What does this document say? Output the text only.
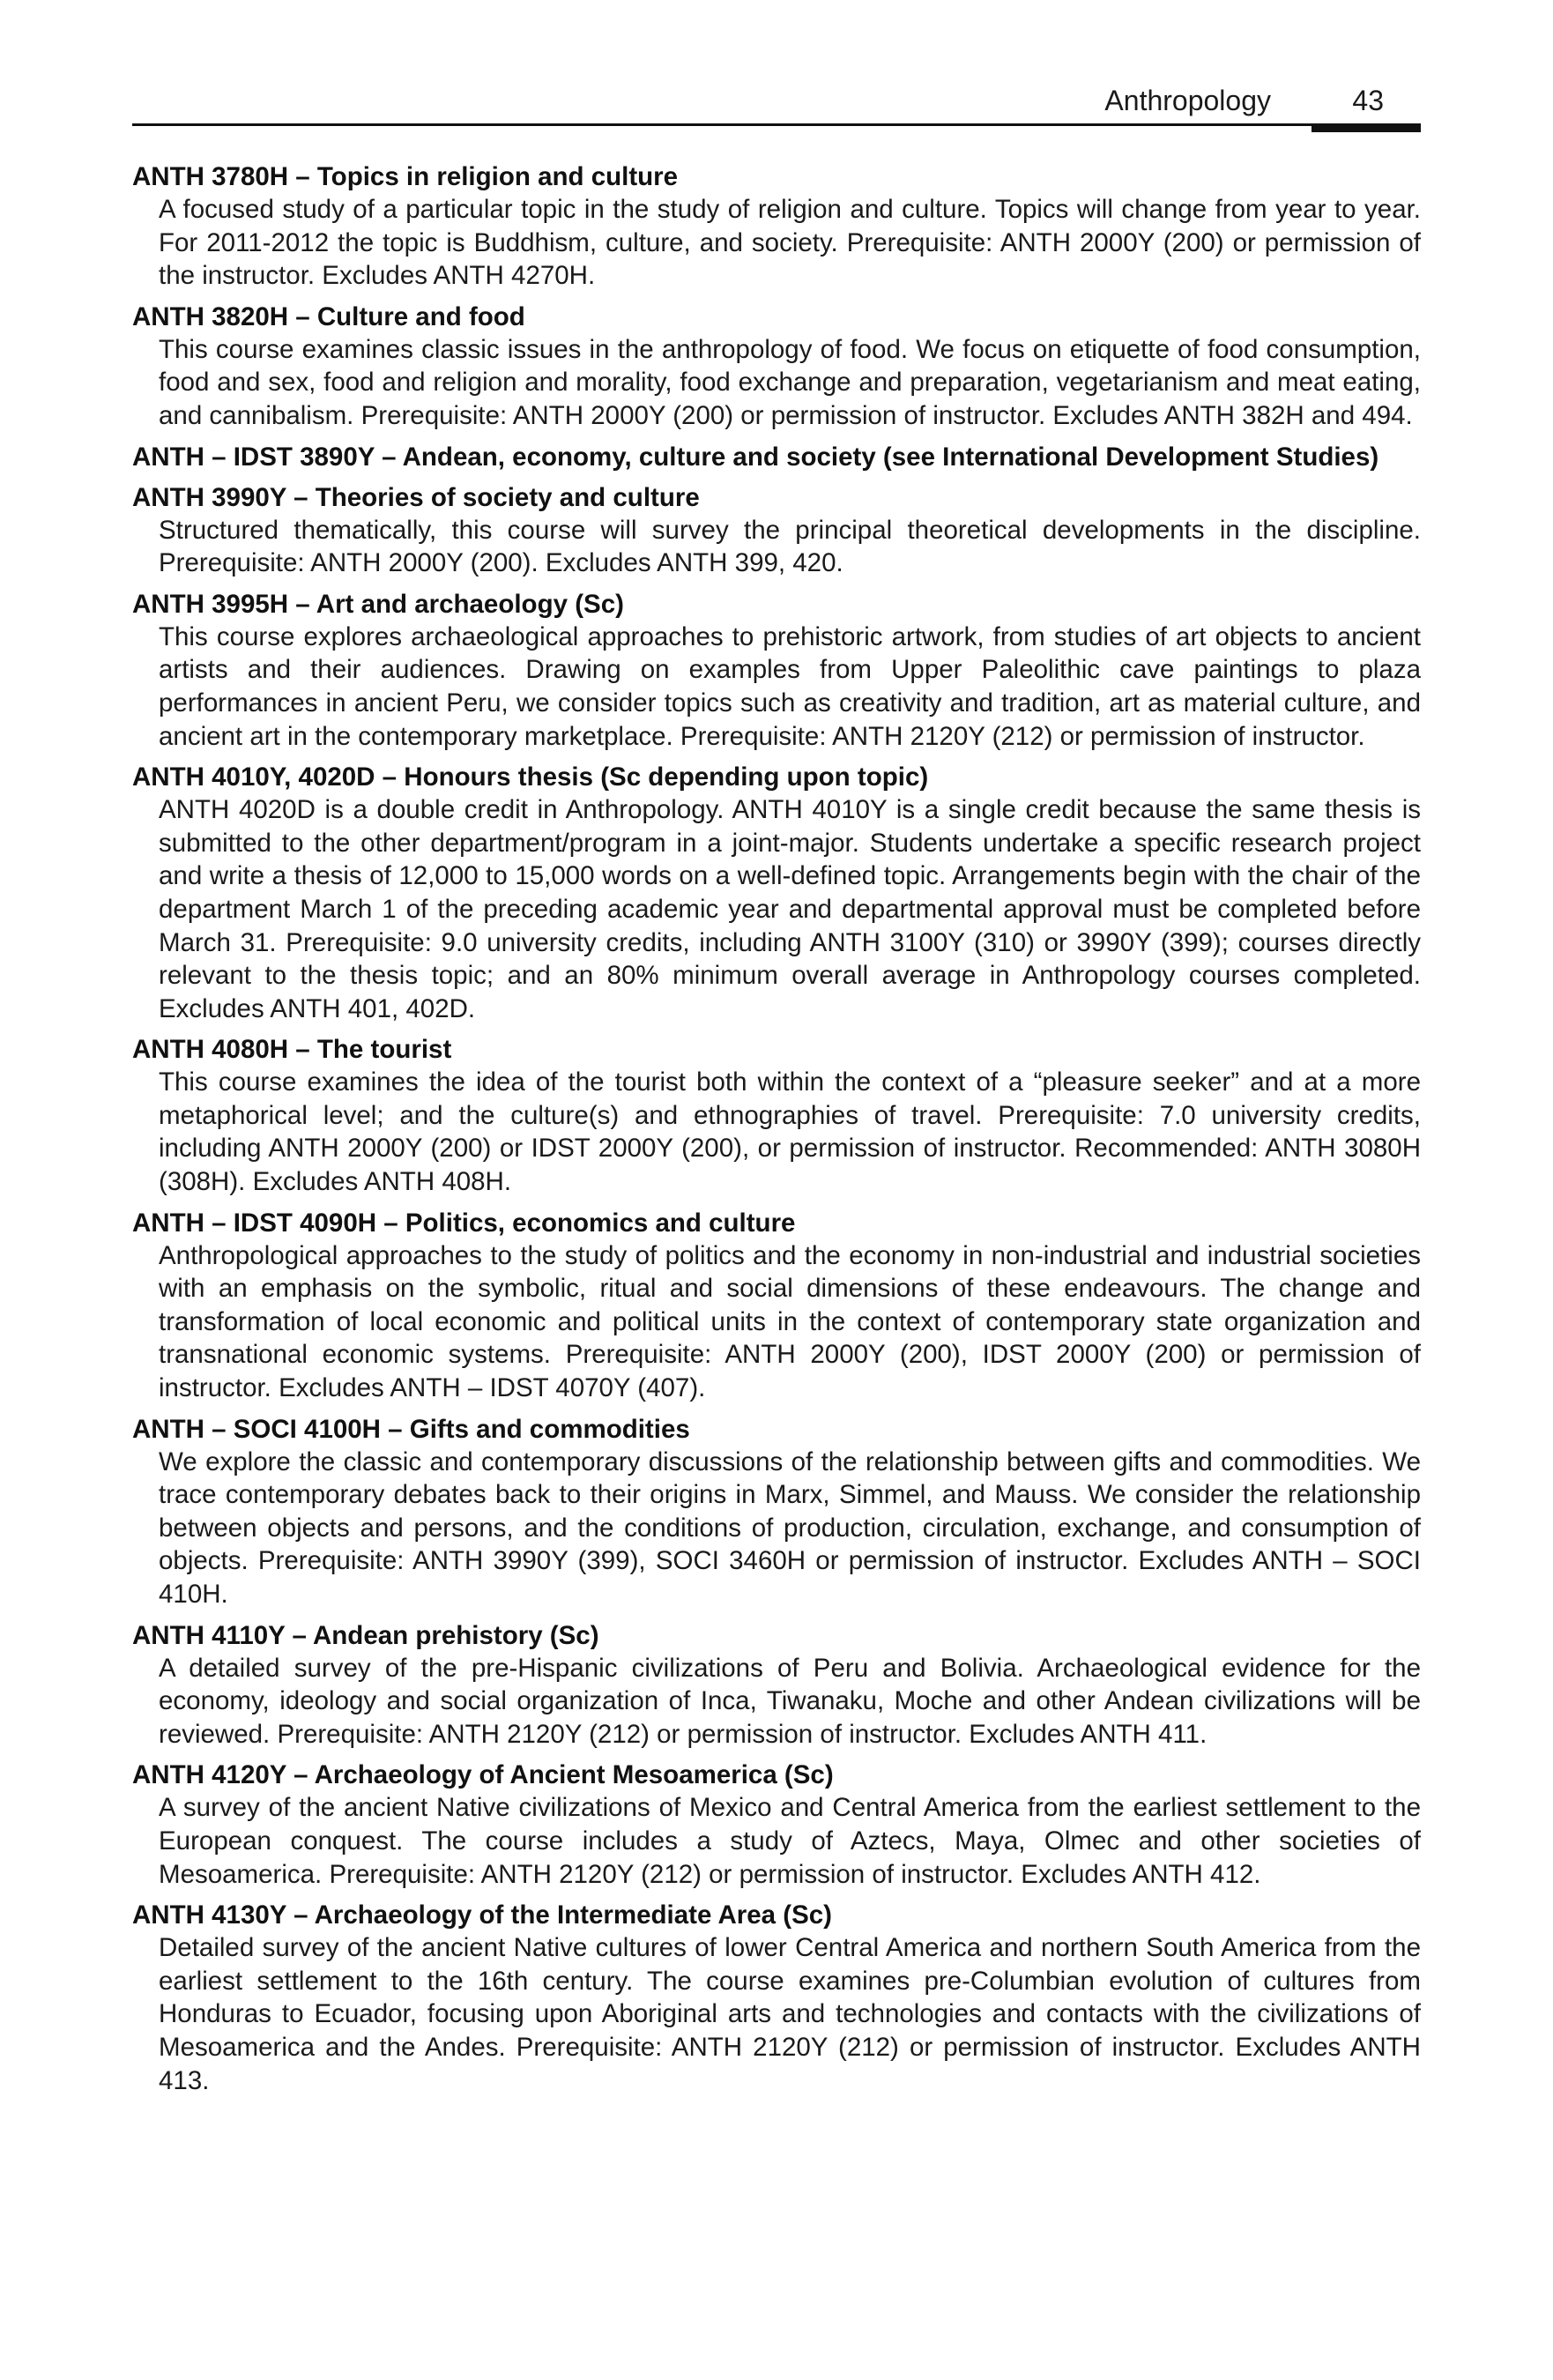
Anthropology	43
ANTH 3780H – Topics in religion and culture
A focused study of a particular topic in the study of religion and culture. Topics will change from year to year. For 2011-2012 the topic is Buddhism, culture, and society. Prerequisite: ANTH 2000Y (200) or permission of the instructor. Excludes ANTH 4270H.
ANTH 3820H – Culture and food
This course examines classic issues in the anthropology of food. We focus on etiquette of food consumption, food and sex, food and religion and morality, food exchange and preparation, vegetarianism and meat eating, and cannibalism. Prerequisite: ANTH 2000Y (200) or permission of instructor. Excludes ANTH 382H and 494.
ANTH – IDST 3890Y – Andean, economy, culture and society (see International Development Studies)
ANTH 3990Y – Theories of society and culture
Structured thematically, this course will survey the principal theoretical developments in the discipline. Prerequisite: ANTH 2000Y (200). Excludes ANTH 399, 420.
ANTH 3995H – Art and archaeology (Sc)
This course explores archaeological approaches to prehistoric artwork, from studies of art objects to ancient artists and their audiences. Drawing on examples from Upper Paleolithic cave paintings to plaza performances in ancient Peru, we consider topics such as creativity and tradition, art as material culture, and ancient art in the contemporary marketplace. Prerequisite: ANTH 2120Y (212) or permission of instructor.
ANTH 4010Y, 4020D – Honours thesis (Sc depending upon topic)
ANTH 4020D is a double credit in Anthropology. ANTH 4010Y is a single credit because the same thesis is submitted to the other department/program in a joint-major. Students undertake a specific research project and write a thesis of 12,000 to 15,000 words on a well-defined topic. Arrangements begin with the chair of the department March 1 of the preceding academic year and departmental approval must be completed before March 31. Prerequisite: 9.0 university credits, including ANTH 3100Y (310) or 3990Y (399); courses directly relevant to the thesis topic; and an 80% minimum overall average in Anthropology courses completed. Excludes ANTH 401, 402D.
ANTH 4080H – The tourist
This course examines the idea of the tourist both within the context of a “pleasure seeker” and at a more metaphorical level; and the culture(s) and ethnographies of travel. Prerequisite: 7.0 university credits, including ANTH 2000Y (200) or IDST 2000Y (200), or permission of instructor. Recommended: ANTH 3080H (308H). Excludes ANTH 408H.
ANTH – IDST 4090H – Politics, economics and culture
Anthropological approaches to the study of politics and the economy in non-industrial and industrial societies with an emphasis on the symbolic, ritual and social dimensions of these endeavours. The change and transformation of local economic and political units in the context of contemporary state organization and transnational economic systems. Prerequisite: ANTH 2000Y (200), IDST 2000Y (200) or permission of instructor. Excludes ANTH – IDST 4070Y (407).
ANTH – SOCI 4100H – Gifts and commodities
We explore the classic and contemporary discussions of the relationship between gifts and commodities. We trace contemporary debates back to their origins in Marx, Simmel, and Mauss. We consider the relationship between objects and persons, and the conditions of production, circulation, exchange, and consumption of objects. Prerequisite: ANTH 3990Y (399), SOCI 3460H or permission of instructor. Excludes ANTH – SOCI 410H.
ANTH 4110Y – Andean prehistory (Sc)
A detailed survey of the pre-Hispanic civilizations of Peru and Bolivia. Archaeological evidence for the economy, ideology and social organization of Inca, Tiwanaku, Moche and other Andean civilizations will be reviewed. Prerequisite: ANTH 2120Y (212) or permission of instructor. Excludes ANTH 411.
ANTH 4120Y – Archaeology of Ancient Mesoamerica (Sc)
A survey of the ancient Native civilizations of Mexico and Central America from the earliest settlement to the European conquest. The course includes a study of Aztecs, Maya, Olmec and other societies of Mesoamerica. Prerequisite: ANTH 2120Y (212) or permission of instructor. Excludes ANTH 412.
ANTH 4130Y – Archaeology of the Intermediate Area (Sc)
Detailed survey of the ancient Native cultures of lower Central America and northern South America from the earliest settlement to the 16th century. The course examines pre-Columbian evolution of cultures from Honduras to Ecuador, focusing upon Aboriginal arts and technologies and contacts with the civilizations of Mesoamerica and the Andes. Prerequisite: ANTH 2120Y (212) or permission of instructor. Excludes ANTH 413.
